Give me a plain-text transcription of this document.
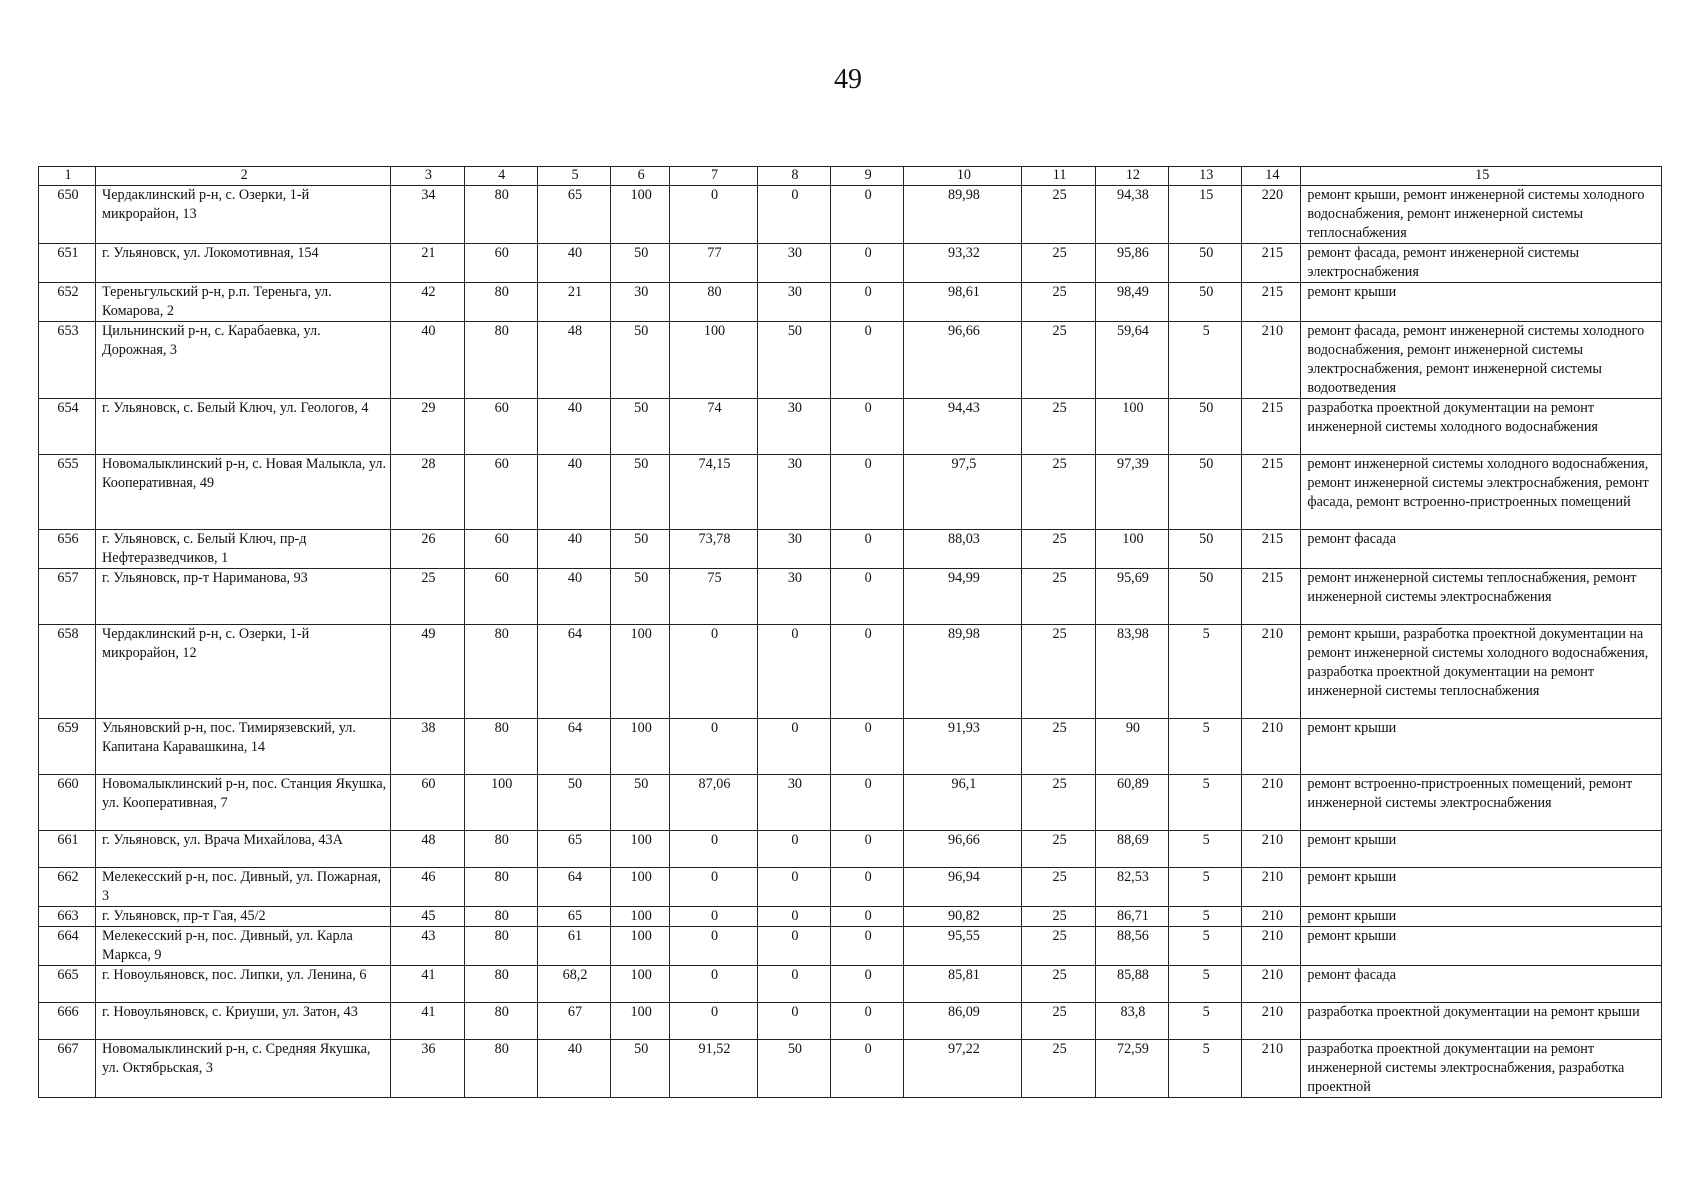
49
1	2	3	4	5	6	7	8	9	10	11	12	13	14	15
650	Чердаклинский р-н, с. Озерки, 1-й микрорайон, 13	34	80	65	100	0	0	0	89,98	25	94,38	15	220	ремонт крыши, ремонт инженерной системы холодного водоснабжения, ремонт инженерной системы теплоснабжения
651	г. Ульяновск, ул. Локомотивная, 154	21	60	40	50	77	30	0	93,32	25	95,86	50	215	ремонт фасада, ремонт инженерной системы электроснабжения
652	Тереньгульский р-н, р.п. Тереньга, ул. Комарова, 2	42	80	21	30	80	30	0	98,61	25	98,49	50	215	ремонт крыши
653	Цильнинский р-н, с. Карабаевка, ул. Дорожная, 3	40	80	48	50	100	50	0	96,66	25	59,64	5	210	ремонт фасада, ремонт инженерной системы холодного водоснабжения, ремонт инженерной системы электроснабжения, ремонт инженерной системы водоотведения
654	г. Ульяновск, с. Белый Ключ, ул. Геологов, 4	29	60	40	50	74	30	0	94,43	25	100	50	215	разработка проектной документации на ремонт инженерной системы холодного водоснабжения
655	Новомалыклинский р-н, с. Новая Малыкла, ул. Кооперативная, 49	28	60	40	50	74,15	30	0	97,5	25	97,39	50	215	ремонт инженерной системы холодного водоснабжения, ремонт инженерной системы электроснабжения, ремонт фасада, ремонт встроенно-пристроенных помещений
656	г. Ульяновск, с. Белый Ключ, пр-д Нефтеразведчиков, 1	26	60	40	50	73,78	30	0	88,03	25	100	50	215	ремонт фасада
657	г. Ульяновск, пр-т Нариманова, 93	25	60	40	50	75	30	0	94,99	25	95,69	50	215	ремонт инженерной системы теплоснабжения, ремонт инженерной системы электроснабжения
658	Чердаклинский р-н, с. Озерки, 1-й микрорайон, 12	49	80	64	100	0	0	0	89,98	25	83,98	5	210	ремонт крыши, разработка проектной документации на ремонт инженерной системы холодного водоснабжения, разработка проектной документации на ремонт инженерной системы теплоснабжения
659	Ульяновский р-н, пос. Тимирязевский, ул. Капитана Каравашкина, 14	38	80	64	100	0	0	0	91,93	25	90	5	210	ремонт крыши
660	Новомалыклинский р-н, пос. Станция Якушка, ул. Кооперативная, 7	60	100	50	50	87,06	30	0	96,1	25	60,89	5	210	ремонт встроенно-пристроенных помещений, ремонт инженерной системы электроснабжения
661	г. Ульяновск, ул. Врача Михайлова, 43А	48	80	65	100	0	0	0	96,66	25	88,69	5	210	ремонт крыши
662	Мелекесский р-н, пос. Дивный, ул. Пожарная, 3	46	80	64	100	0	0	0	96,94	25	82,53	5	210	ремонт крыши
663	г. Ульяновск, пр-т Гая, 45/2	45	80	65	100	0	0	0	90,82	25	86,71	5	210	ремонт крыши
664	Мелекесский р-н, пос. Дивный, ул. Карла Маркса, 9	43	80	61	100	0	0	0	95,55	25	88,56	5	210	ремонт крыши
665	г. Новоульяновск, пос. Липки, ул. Ленина, 6	41	80	68,2	100	0	0	0	85,81	25	85,88	5	210	ремонт фасада
666	г. Новоульяновск, с. Криуши, ул. Затон, 43	41	80	67	100	0	0	0	86,09	25	83,8	5	210	разработка проектной документации на ремонт крыши
667	Новомалыклинский р-н, с. Средняя Якушка, ул. Октябрьская, 3	36	80	40	50	91,52	50	0	97,22	25	72,59	5	210	разработка проектной документации на ремонт инженерной системы электроснабжения, разработка проектной
